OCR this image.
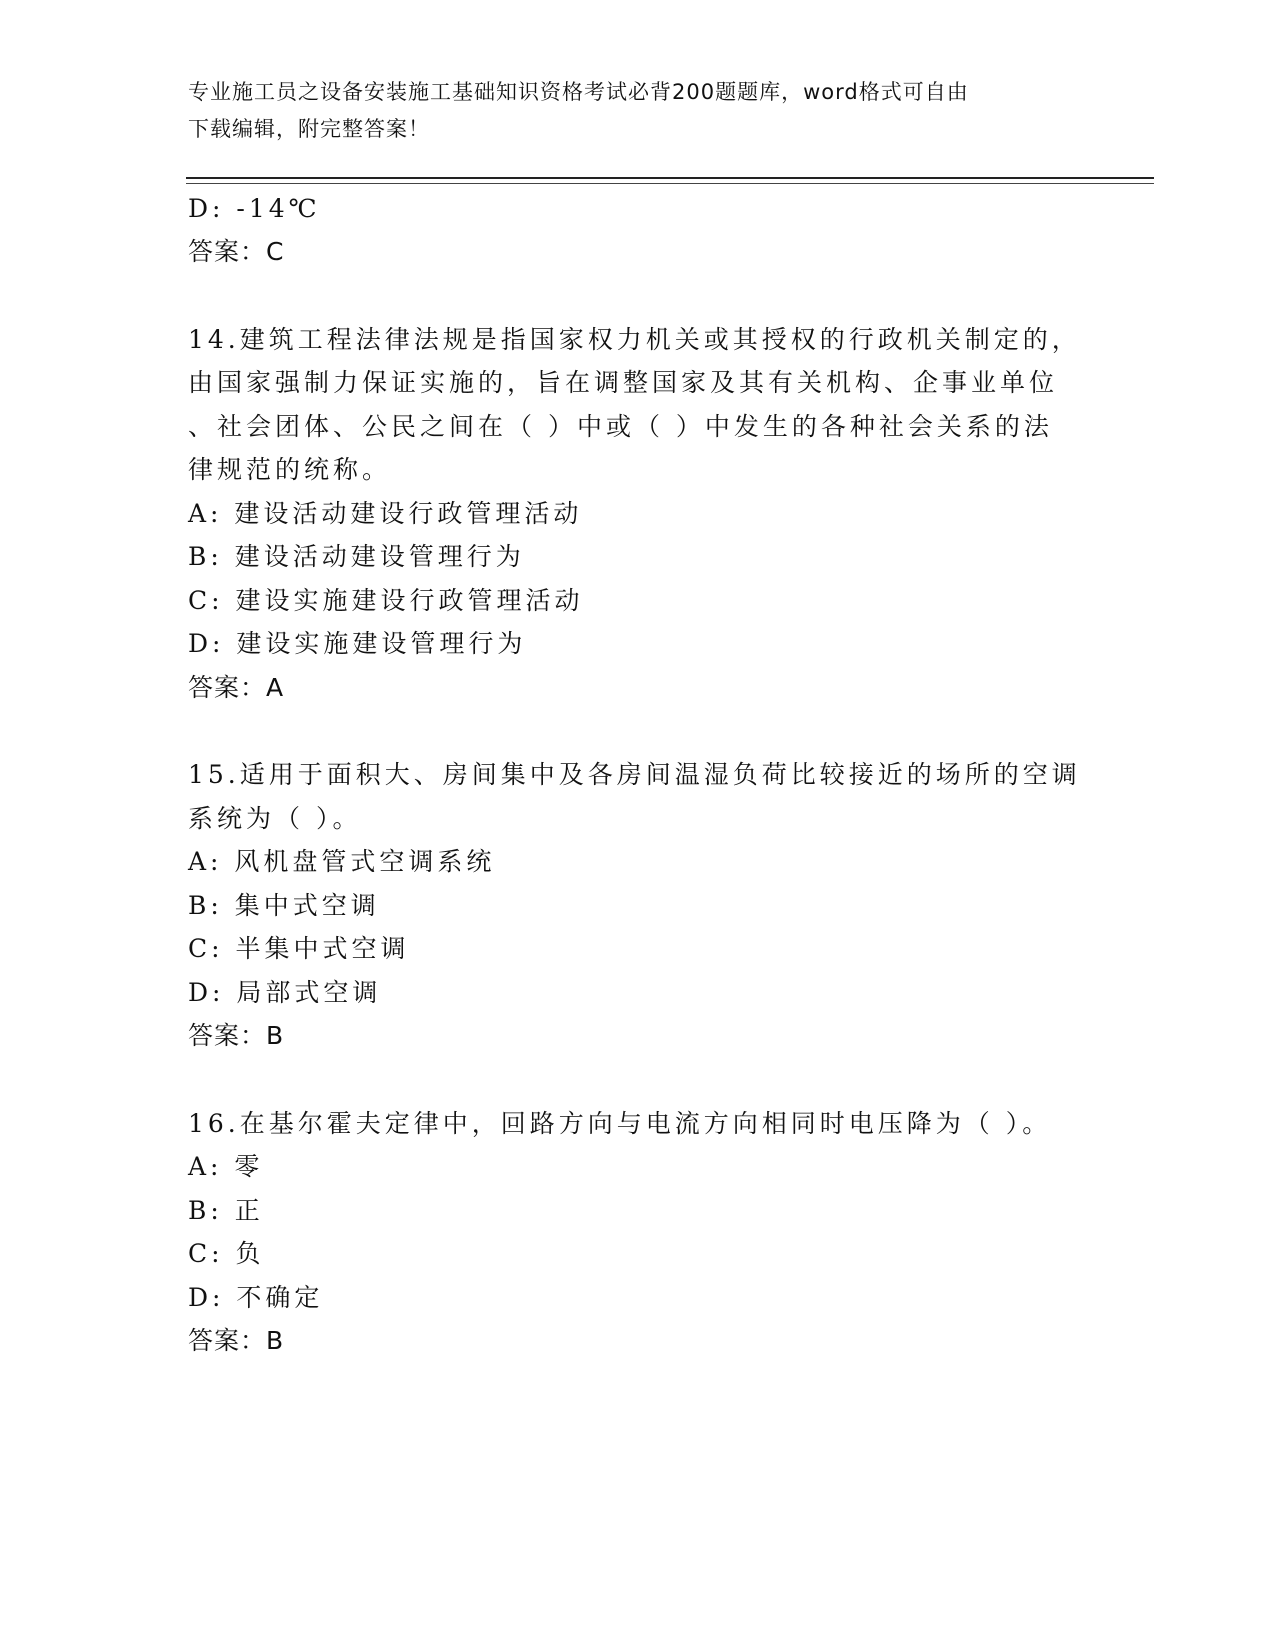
专业施工员之设备安装施工基础知识资格考试必背200题题库，word格式可自由
下载编辑，附完整答案！
D: -14℃
答案：C
14.建筑工程法律法规是指国家权力机关或其授权的行政机关制定的，
由国家强制力保证实施的，旨在调整国家及其有关机构、企事业单位
、社会团体、公民之间在（ ）中或（ ）中发生的各种社会关系的法
律规范的统称。
A: 建设活动建设行政管理活动
B: 建设活动建设管理行为
C: 建设实施建设行政管理活动
D: 建设实施建设管理行为
答案：A
15.适用于面积大、房间集中及各房间温湿负荷比较接近的场所的空调
系统为（ ）。
A: 风机盘管式空调系统
B: 集中式空调
C: 半集中式空调
D: 局部式空调
答案：B
16.在基尔霍夫定律中，回路方向与电流方向相同时电压降为（ ）。
A: 零
B: 正
C: 负
D: 不确定
答案：B
